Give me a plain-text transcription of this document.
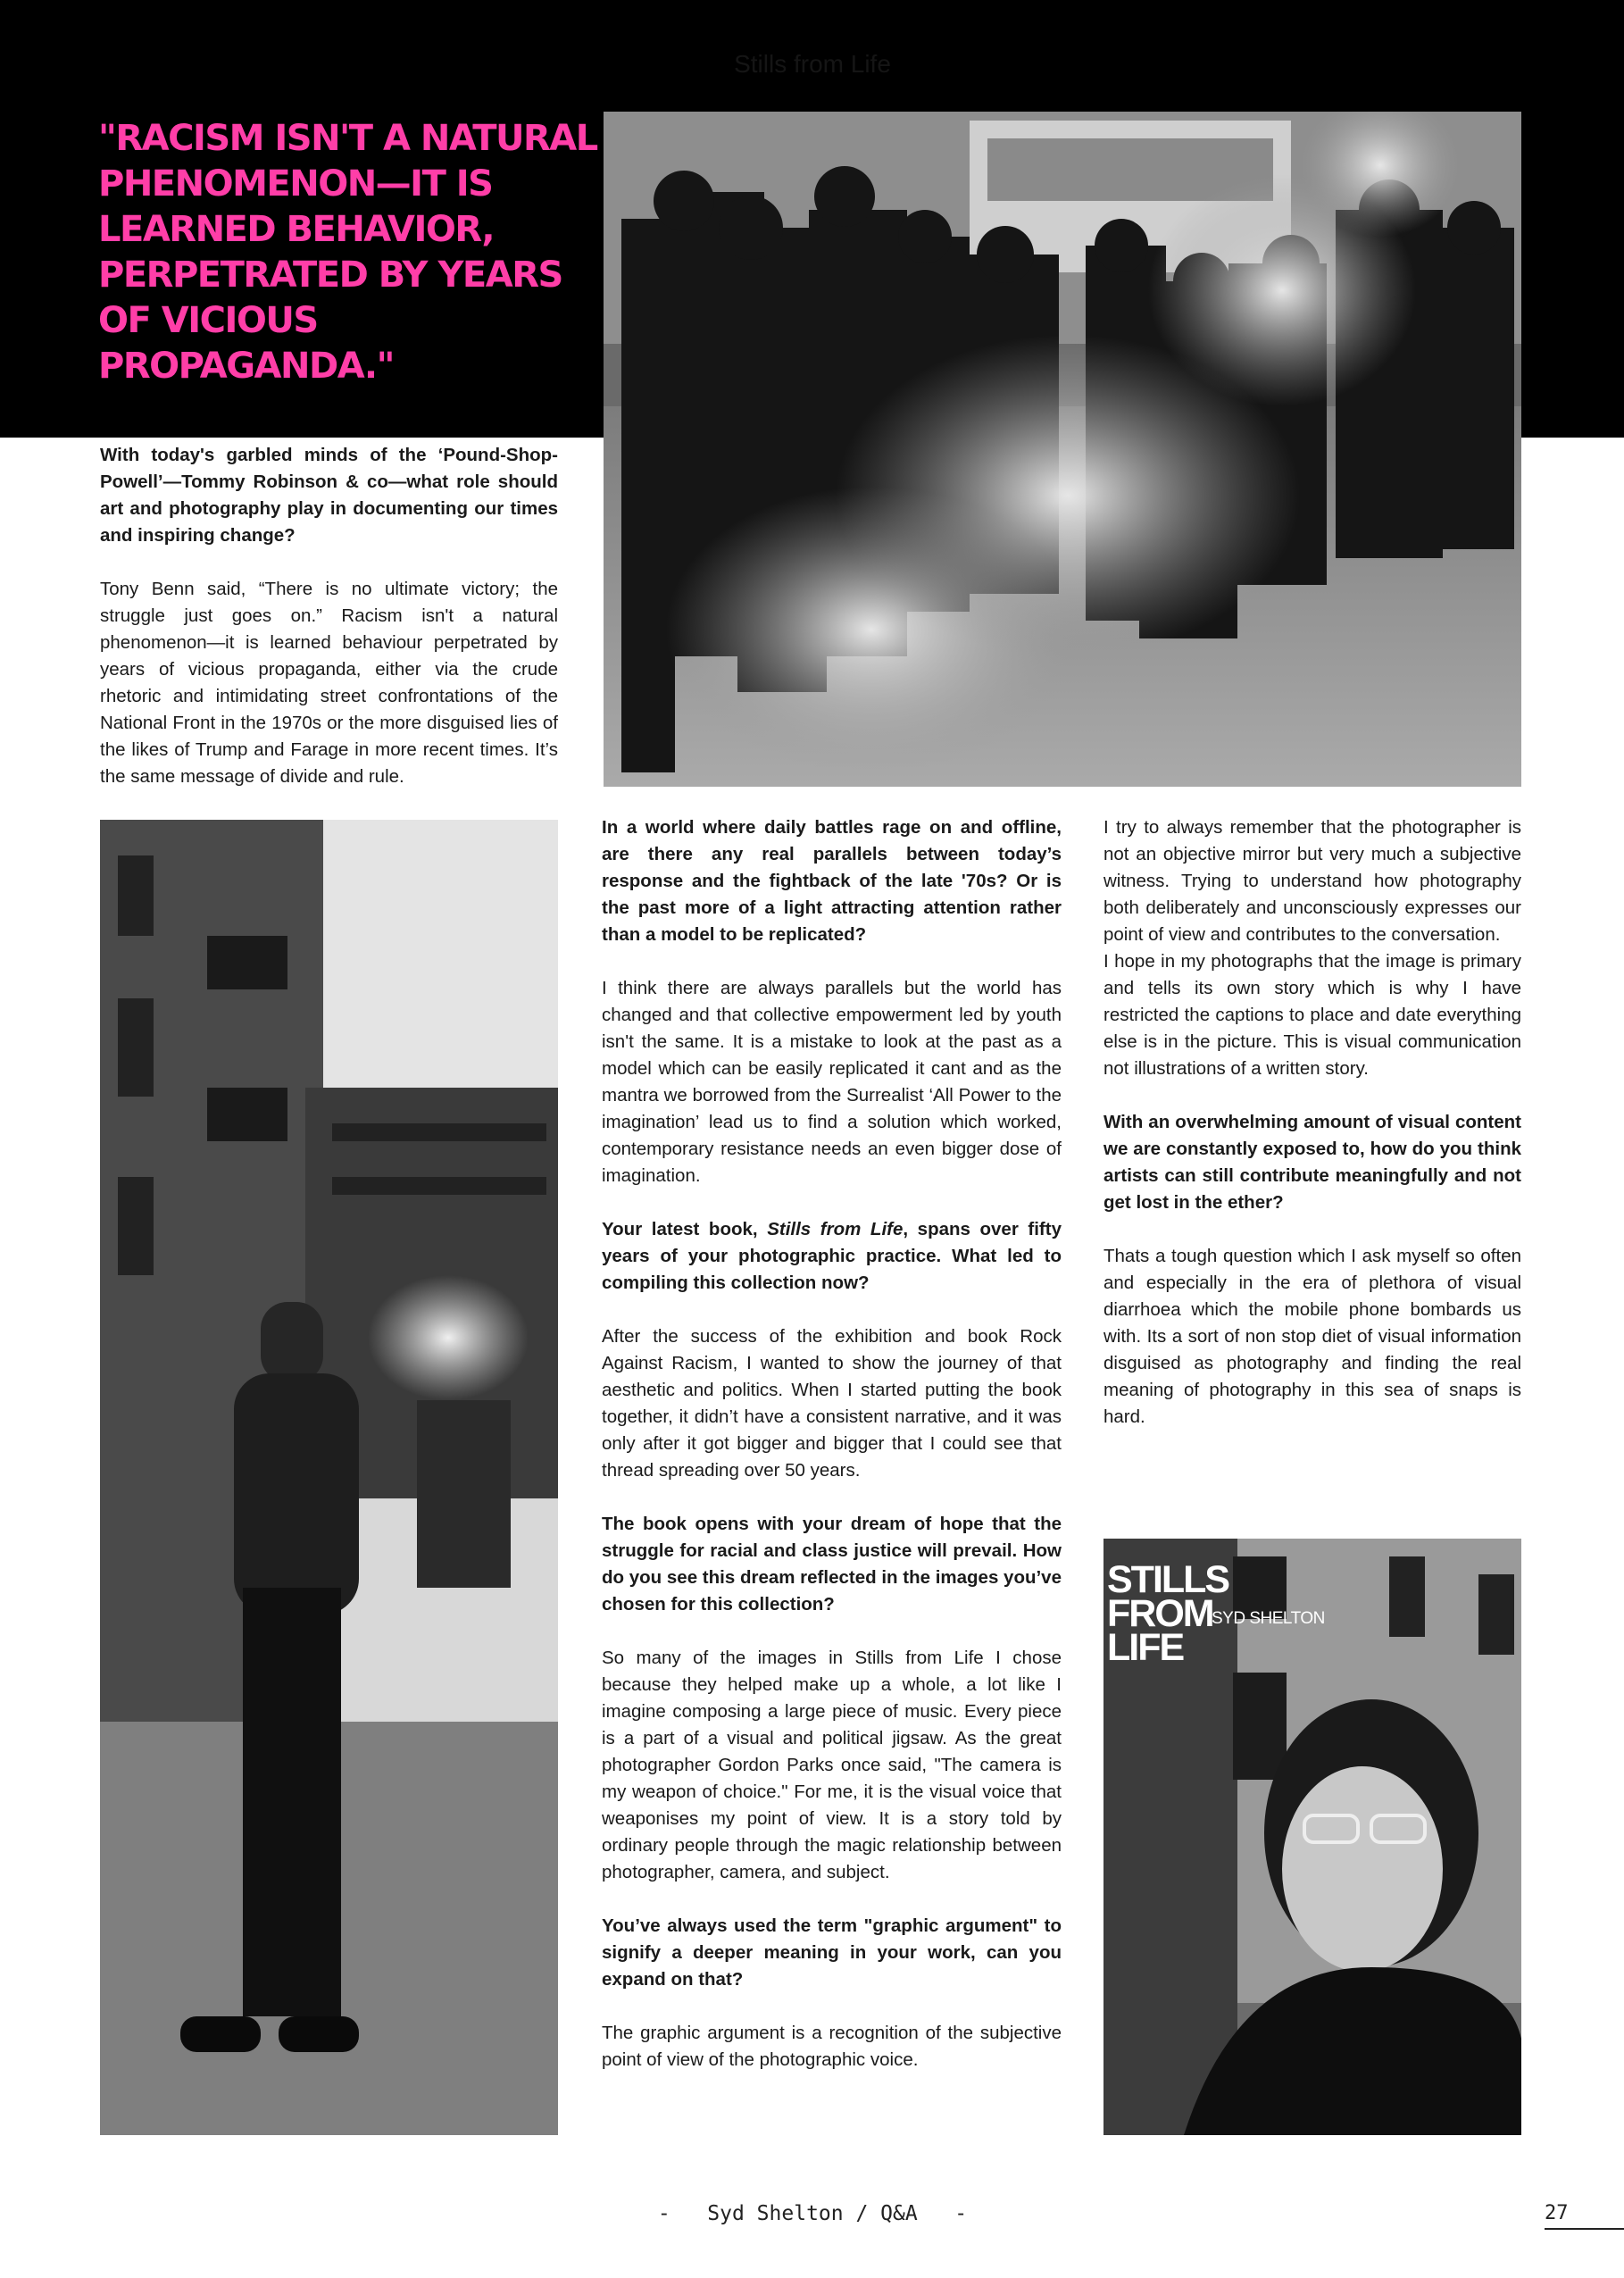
Stills from Life
"RACISM ISN'T A NATURAL PHENOMENON—IT IS LEARNED BEHAVIOR, PERPETRATED BY YEARS OF VICIOUS PROPAGANDA."

With today's garbled minds of the ‘Pound-Shop-Powell’—Tommy Robinson & co—what role should art and photography play in documenting our times and inspiring change?

Tony Benn said, “There is no ultimate victory; the struggle just goes on.” Racism isn't a natural phenomenon—it is learned behaviour perpetrated by years of vicious propaganda, either via the crude rhetoric and intimidating street confrontations of the National Front in the 1970s or the more disguised lies of the likes of Trump and Farage in more recent times. It’s the same message of divide and rule.

In a world where daily battles rage on and offline, are there any real parallels between today’s response and the fightback of the late '70s? Or is the past more of a light attracting attention rather than a model to be replicated?

I think there are always parallels but the world has changed and that collective empowerment led by youth isn't the same. It is a mistake to look at the past as a model which can be easily replicated it cant and as the mantra we borrowed from the Surrealist ‘All Power to the imagination’ lead us to find a solution which worked, contemporary resistance needs an even bigger dose of imagination.

Your latest book, Stills from Life, spans over fifty years of your photographic practice. What led to compiling this collection now?

After the success of the exhibition and book Rock Against Racism, I wanted to show the journey of that aesthetic and politics. When I started putting the book together, it didn’t have a consistent narrative, and it was only after it got bigger and bigger that I could see that thread spreading over 50 years.

The book opens with your dream of hope that the struggle for racial and class justice will prevail. How do you see this dream reflected in the images you’ve chosen for this collection?

So many of the images in Stills from Life I chose because they helped make up a whole, a lot like I imagine composing a large piece of music. Every piece is a part of a visual and political jigsaw. As the great photographer Gordon Parks once said, "The camera is my weapon of choice." For me, it is the visual voice that weaponises my point of view. It is a story told by ordinary people through the magic relationship between photographer, camera, and subject.

You’ve always used the term "graphic argument" to signify a deeper meaning in your work, can you expand on that?

The graphic argument is a recognition of the subjective point of view of the photographic voice.

I try to always remember that the photographer is not an objective mirror but very much a subjective witness. Trying to understand how photography both deliberately and unconsciously expresses our point of view and contributes to the conversation.

I hope in my photographs that the image is primary and tells its own story which is why I have restricted the captions to place and date everything else is in the picture. This is visual communication not illustrations of a written story.

With an overwhelming amount of visual content we are constantly exposed to, how do you think artists can still contribute meaningfully and not get lost in the ether?

Thats a tough question which I ask myself so often and especially in the era of plethora of visual diarrhoea which the mobile phone bombards us with. Its a sort of non stop diet of visual information disguised as photography and finding the real meaning of photography in this sea of snaps is hard.

STILLS
FROM
LIFE
SYD SHELTON
-   Syd Shelton / Q&A   -	27
